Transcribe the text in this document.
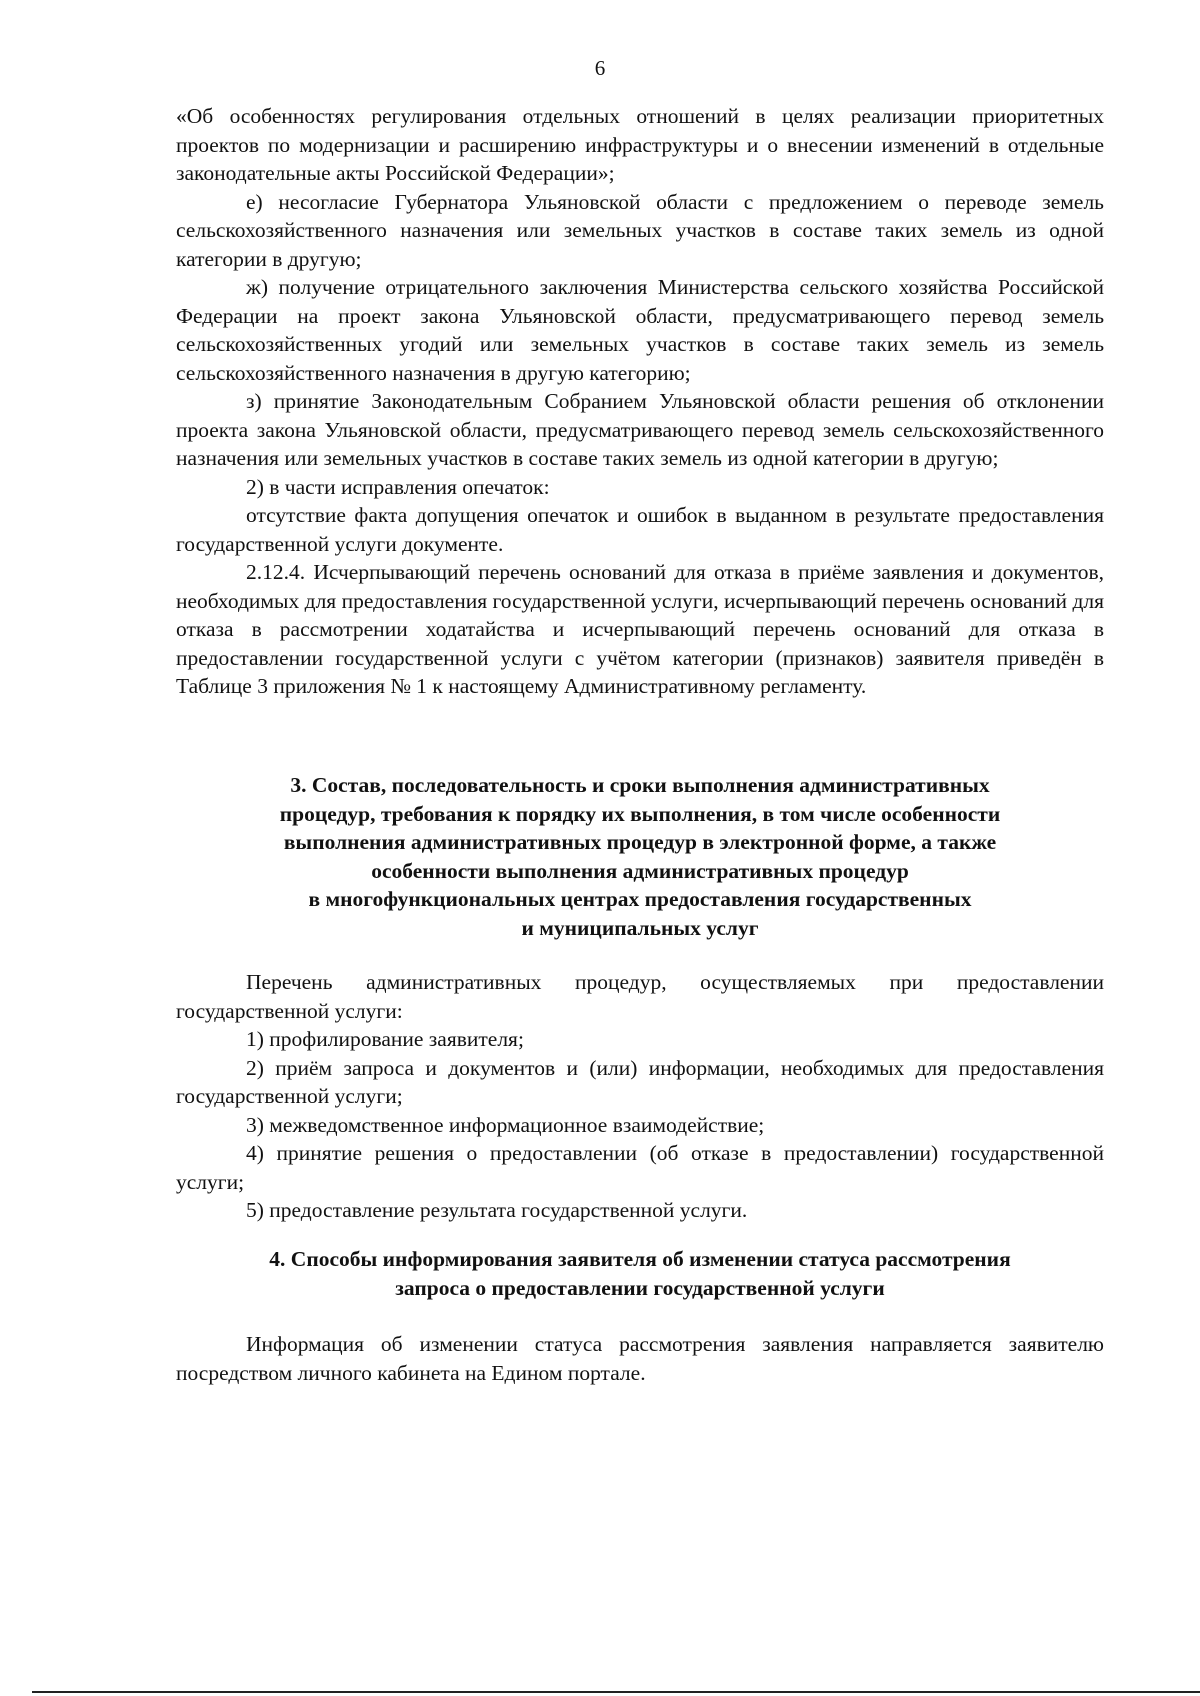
6

«Об особенностях регулирования отдельных отношений в целях реализации приоритетных проектов по модернизации и расширению инфраструктуры и о внесении изменений в отдельные законодательные акты Российской Федерации»;

е) несогласие Губернатора Ульяновской области с предложением о переводе земель сельскохозяйственного назначения или земельных участков в составе таких земель из одной категории в другую;

ж) получение отрицательного заключения Министерства сельского хозяйства Российской Федерации на проект закона Ульяновской области, предусматривающего перевод земель сельскохозяйственных угодий или земельных участков в составе таких земель из земель сельскохозяйственного назначения в другую категорию;

з) принятие Законодательным Собранием Ульяновской области решения об отклонении проекта закона Ульяновской области, предусматривающего перевод земель сельскохозяйственного назначения или земельных участков в составе таких земель из одной категории в другую;

2) в части исправления опечаток:

отсутствие факта допущения опечаток и ошибок в выданном в результате предоставления государственной услуги документе.

2.12.4. Исчерпывающий перечень оснований для отказа в приёме заявления и документов, необходимых для предоставления государственной услуги, исчерпывающий перечень оснований для отказа в рассмотрении ходатайства и исчерпывающий перечень оснований для отказа в предоставлении государственной услуги с учётом категории (признаков) заявителя приведён в Таблице 3 приложения № 1 к настоящему Административному регламенту.

3. Состав, последовательность и сроки выполнения административных
процедур, требования к порядку их выполнения, в том числе особенности
выполнения административных процедур в электронной форме, а также
особенности выполнения административных процедур
в многофункциональных центрах предоставления государственных
и муниципальных услуг

Перечень административных процедур, осуществляемых при предоставлении государственной услуги:

1) профилирование заявителя;

2) приём запроса и документов и (или) информации, необходимых для предоставления государственной услуги;

3) межведомственное информационное взаимодействие;

4) принятие решения о предоставлении (об отказе в предоставлении) государственной услуги;

5) предоставление результата государственной услуги.

4. Способы информирования заявителя об изменении статуса рассмотрения
запроса о предоставлении государственной услуги

Информация об изменении статуса рассмотрения заявления направляется заявителю посредством личного кабинета на Едином портале.
